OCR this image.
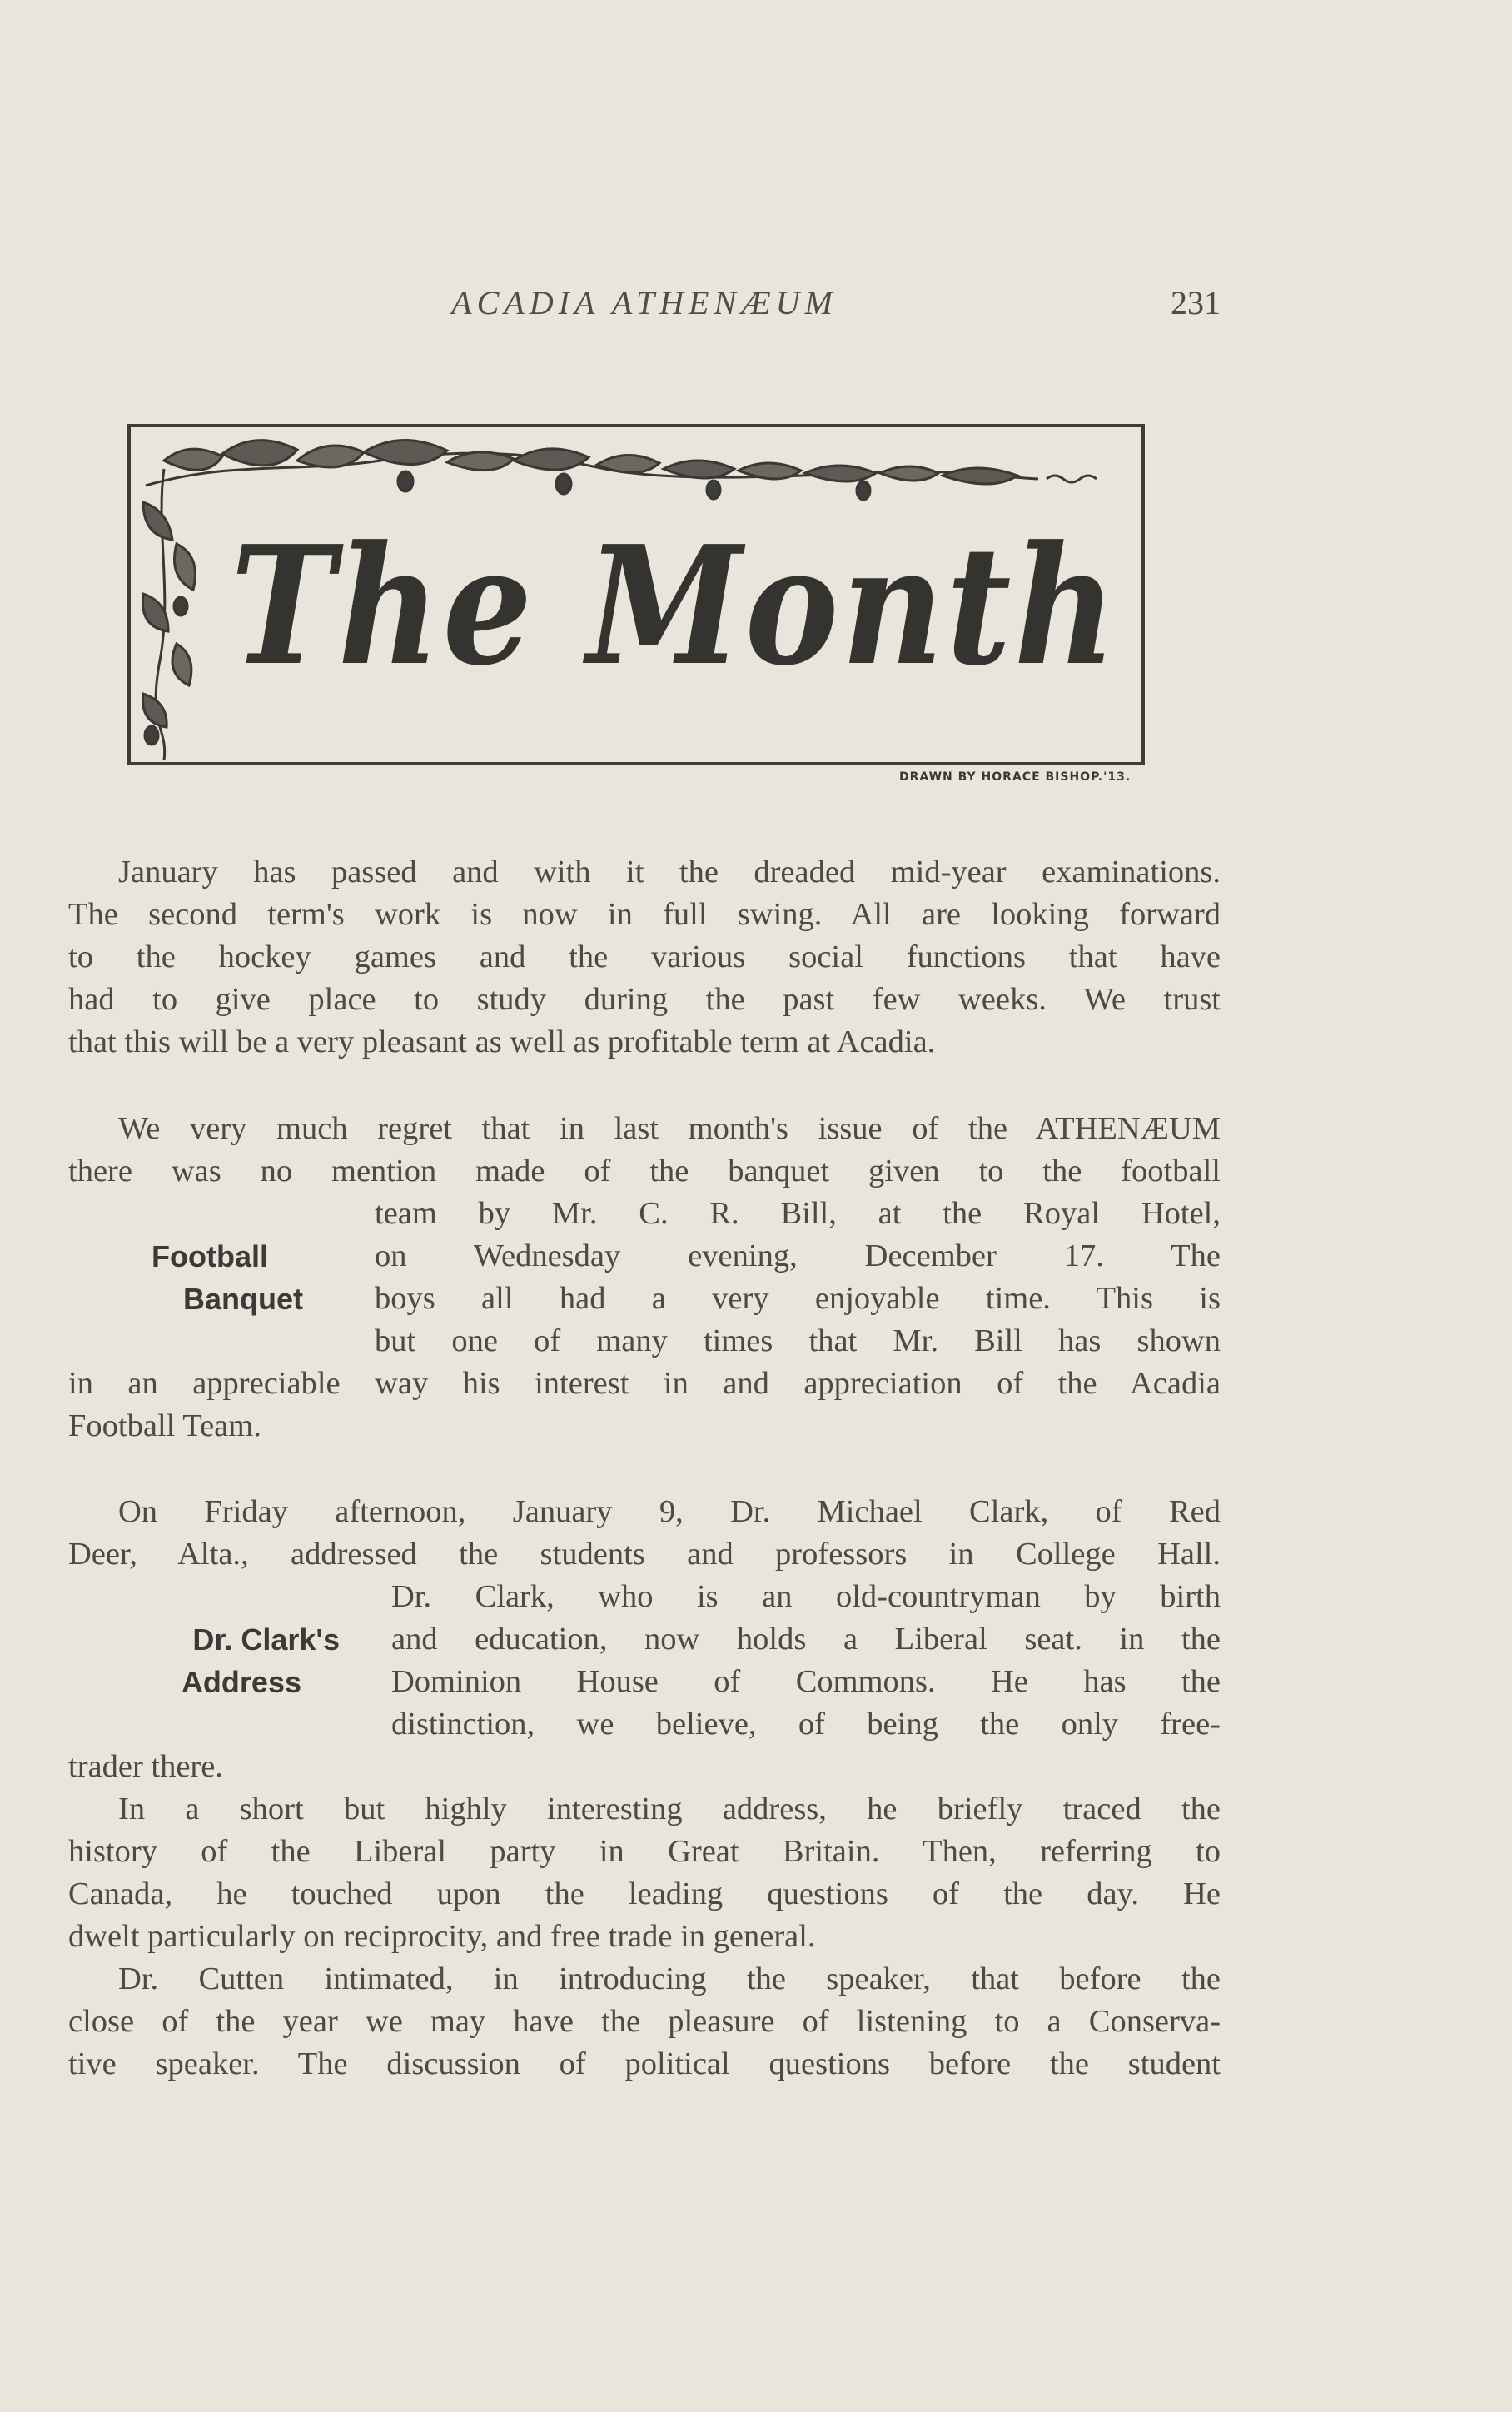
ACADIA ATHENÆUM	231
The Month
DRAWN BY HORACE BISHOP.'13.
January has passed and with it the dreaded mid-year examinations.
The second term's work is now in full swing. All are looking forward
to the hockey games and the various social functions that have
had to give place to study during the past few weeks. We trust
that this will be a very pleasant as well as profitable term at Acadia.
We very much regret that in last month's issue of the ATHENÆUM
there was no mention made of the banquet given to the football
Football
Banquet
team by Mr. C. R. Bill, at the Royal Hotel,
on Wednesday evening, December 17. The
boys all had a very enjoyable time. This is
but one of many times that Mr. Bill has shown
in an appreciable way his interest in and appreciation of the Acadia
Football Team.
On Friday afternoon, January 9, Dr. Michael Clark, of Red
Deer, Alta., addressed the students and professors in College Hall.
Dr. Clark's
Address
Dr. Clark, who is an old-countryman by birth
and education, now holds a Liberal seat. in the
Dominion House of Commons. He has the
distinction, we believe, of being the only free-
trader there.
In a short but highly interesting address, he briefly traced the
history of the Liberal party in Great Britain. Then, referring to
Canada, he touched upon the leading questions of the day. He
dwelt particularly on reciprocity, and free trade in general.
Dr. Cutten intimated, in introducing the speaker, that before the
close of the year we may have the pleasure of listening to a Conserva-
tive speaker. The discussion of political questions before the student
